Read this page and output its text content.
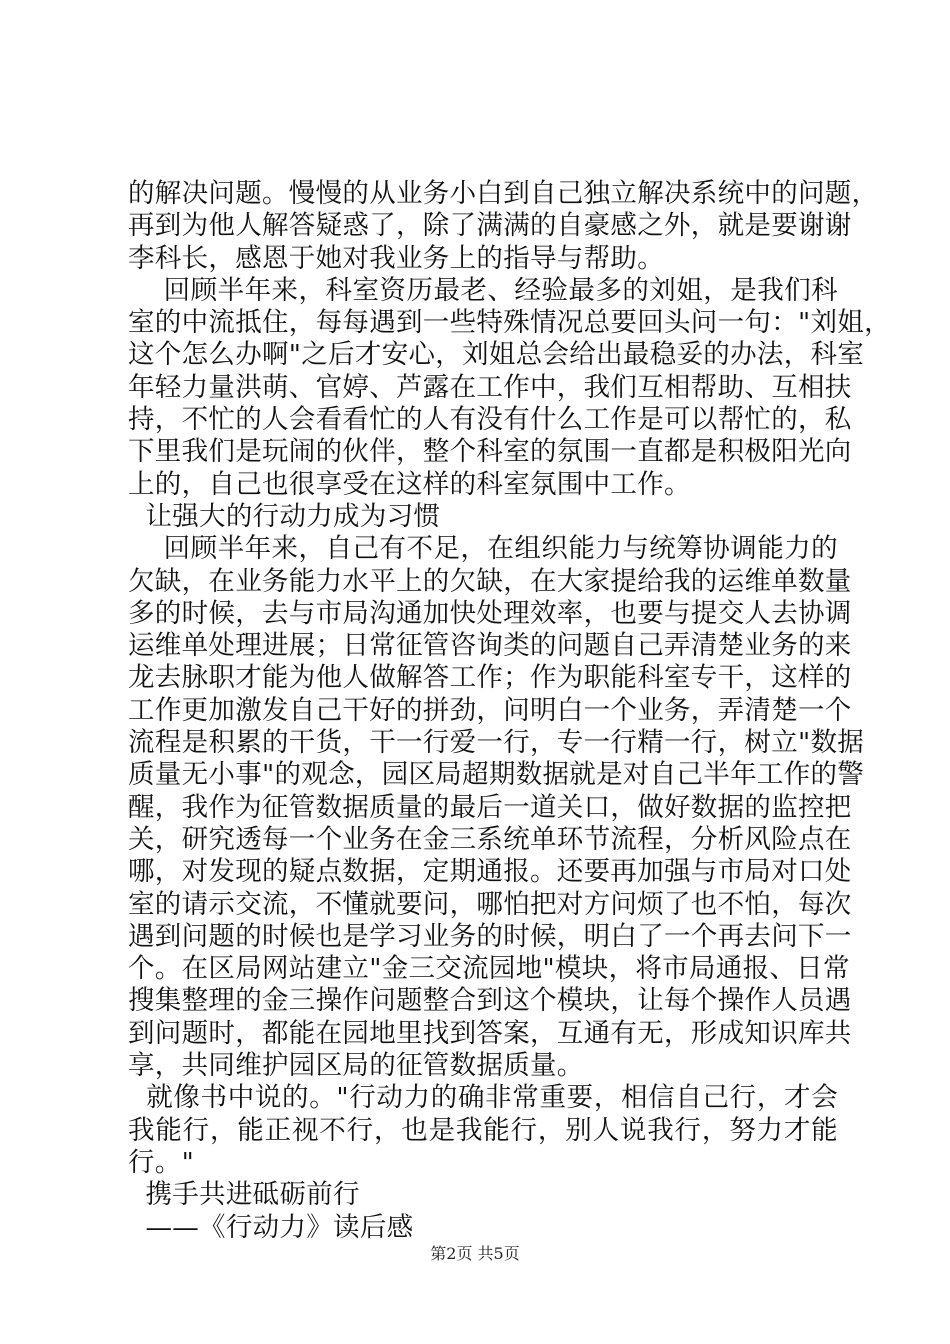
的解决问题。慢慢的从业务小白到自己独立解决系统中的问题，
再到为他人解答疑惑了，除了满满的自豪感之外，就是要谢谢
李科长，感恩于她对我业务上的指导与帮助。
回顾半年来，科室资历最老、经验最多的刘姐，是我们科
室的中流抵住，每每遇到一些特殊情况总要回头问一句："刘姐，
这个怎么办啊"之后才安心，刘姐总会给出最稳妥的办法，科室
年轻力量洪萌、官婷、芦露在工作中，我们互相帮助、互相扶
持，不忙的人会看看忙的人有没有什么工作是可以帮忙的，私
下里我们是玩闹的伙伴，整个科室的氛围一直都是积极阳光向
上的，自己也很享受在这样的科室氛围中工作。
让强大的行动力成为习惯
回顾半年来，自己有不足，在组织能力与统筹协调能力的
欠缺，在业务能力水平上的欠缺，在大家提给我的运维单数量
多的时候，去与市局沟通加快处理效率，也要与提交人去协调
运维单处理进展；日常征管咨询类的问题自己弄清楚业务的来
龙去脉职才能为他人做解答工作；作为职能科室专干，这样的
工作更加激发自己干好的拼劲，问明白一个业务，弄清楚一个
流程是积累的干货，干一行爱一行，专一行精一行，树立"数据
质量无小事"的观念，园区局超期数据就是对自己半年工作的警
醒，我作为征管数据质量的最后一道关口，做好数据的监控把
关，研究透每一个业务在金三系统单环节流程，分析风险点在
哪，对发现的疑点数据，定期通报。还要再加强与市局对口处
室的请示交流，不懂就要问，哪怕把对方问烦了也不怕，每次
遇到问题的时候也是学习业务的时候，明白了一个再去问下一
个。在区局网站建立"金三交流园地"模块，将市局通报、日常
搜集整理的金三操作问题整合到这个模块，让每个操作人员遇
到问题时，都能在园地里找到答案，互通有无，形成知识库共
享，共同维护园区局的征管数据质量。
就像书中说的。"行动力的确非常重要，相信自己行，才会
我能行，能正视不行，也是我能行，别人说我行，努力才能
行。"
携手共进砥砺前行
——《行动力》读后感
第2页 共5页
